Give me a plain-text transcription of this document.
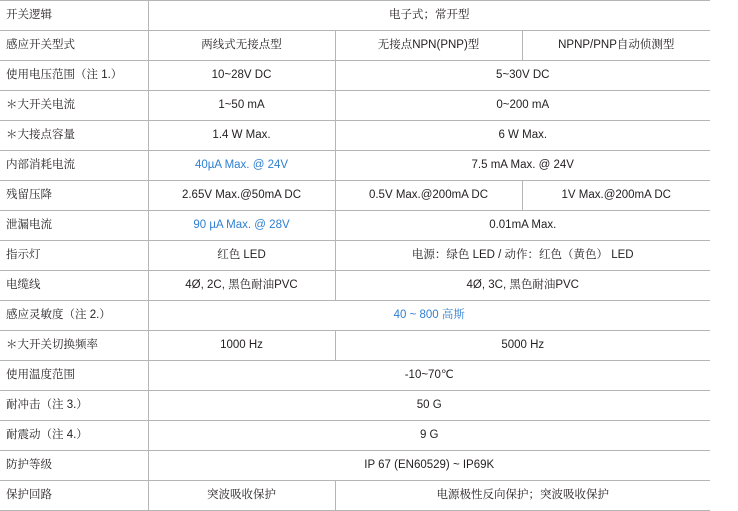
开关逻辑	电子式；常开型		
感应开关型式	两线式无接点型	无接点NPN(PNP)型	NPNP/PNP自动侦测型
使用电压范围（注 1.）	10~28V DC	5~30V DC	
＊大开关电流	1~50 mA	0~200 mA	
＊大接点容量	1.4 W Max.	6 W Max.	
内部消耗电流	40µA Max. @ 24V	7.5 mA Max. @ 24V	
残留压降	2.65V Max.@50mA DC	0.5V Max.@200mA DC	1V Max.@200mA DC
泄漏电流	90 µA Max. @ 28V	0.01mA Max.	
指示灯	红色 LED	电源：绿色 LED / 动作：红色（黄色） LED	
电缆线	4Ø, 2C, 黑色耐油PVC	4Ø, 3C, 黑色耐油PVC	
感应灵敏度（注 2.）	40 ~ 800 高斯		
＊大开关切换频率	1000 Hz	5000 Hz	
使用温度范围	-10~70℃		
耐冲击（注 3.）	50 G		
耐震动（注 4.）	9 G		
防护等级	IP 67 (EN60529) ~ IP69K		
保护回路	突波吸收保护	电源极性反向保护；突波吸收保护	
